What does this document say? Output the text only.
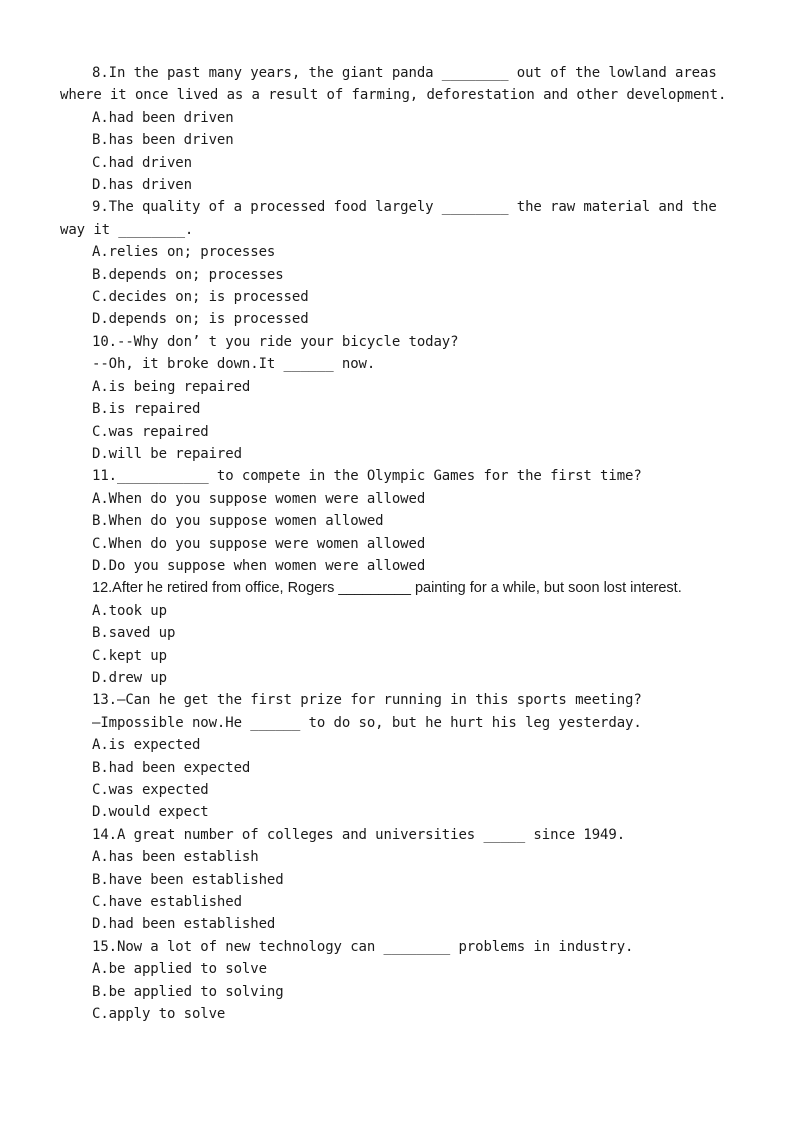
8.In the past many years, the giant panda ________ out of the lowland areas where it once lived as a result of farming, deforestation and other development.

A.had been driven

B.has been driven

C.had driven

D.has driven

9.The quality of a processed food largely ________ the raw material and the way it ________.

A.relies on; processes

B.depends on; processes

C.decides on; is processed

D.depends on; is processed

10.--Why don’ t you ride your bicycle today?

--Oh, it broke down.It ______ now.

A.is being repaired

B.is repaired

C.was repaired

D.will be repaired

11.___________ to compete in the Olympic Games for the first time?

A.When do you suppose women were allowed

B.When do you suppose women allowed

C.When do you suppose were women allowed

D.Do you suppose when women were allowed

12.After he retired from office, Rogers _________ painting for a while, but soon lost interest.

A.took up

B.saved up

C.kept up

D.drew up

13.—Can he get the first prize for running in this sports meeting?

—Impossible now.He ______ to do so, but he hurt his leg yesterday.

A.is expected

B.had been expected

C.was expected

D.would expect

14.A great number of colleges and universities _____ since 1949.

A.has been establish

B.have been established

C.have established

D.had been established

15.Now a lot of new technology can ________ problems in industry.

A.be applied to solve

B.be applied to solving

C.apply to solve
